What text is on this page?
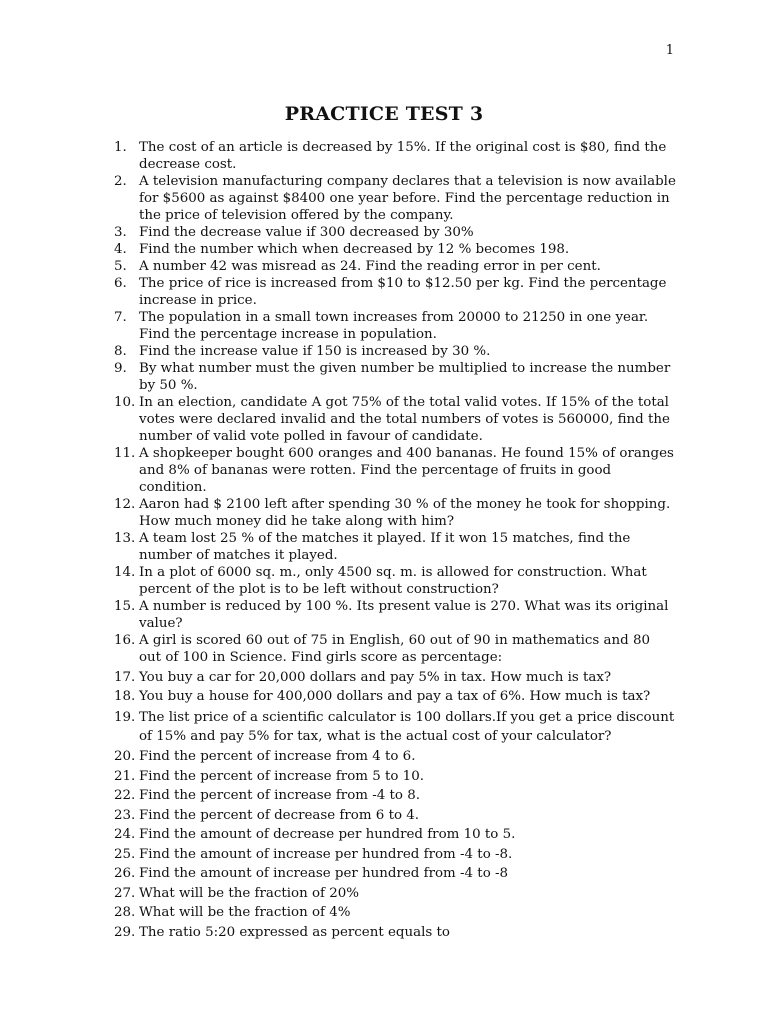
1
PRACTICE TEST 3
1. The cost of an article is decreased by 15%. If the original cost is $80, find the decrease cost.
2. A television manufacturing company declares that a television is now available for $5600 as against $8400 one year before. Find the percentage reduction in the price of television offered by the company.
3. Find the decrease value if 300 decreased by 30%
4. Find the number which when decreased by 12 % becomes 198.
5. A number 42 was misread as 24. Find the reading error in per cent.
6. The price of rice is increased from $10 to $12.50 per kg. Find the percentage increase in price.
7. The population in a small town increases from 20000 to 21250 in one year. Find the percentage increase in population.
8. Find the increase value if 150 is increased by 30 %.
9. By what number must the given number be multiplied to increase the number by 50 %.
10. In an election, candidate A got 75% of the total valid votes. If 15% of the total votes were declared invalid and the total numbers of votes is 560000, find the number of valid vote polled in favour of candidate.
11. A shopkeeper bought 600 oranges and 400 bananas. He found 15% of oranges and 8% of bananas were rotten. Find the percentage of fruits in good condition.
12. Aaron had $ 2100 left after spending 30 % of the money he took for shopping. How much money did he take along with him?
13. A team lost 25 % of the matches it played. If it won 15 matches, find the number of matches it played.
14. In a plot of 6000 sq. m., only 4500 sq. m. is allowed for construction. What percent of the plot is to be left without construction?
15. A number is reduced by 100 %. Its present value is 270. What was its original value?
16. A girl is scored 60 out of 75 in English, 60 out of 90 in mathematics and 80 out of 100 in Science. Find girls score as percentage:
17. You buy a car for 20,000 dollars and pay 5% in tax. How much is tax?
18. You buy a house for 400,000 dollars and pay a tax of 6%. How much is tax?
19. The list price of a scientific calculator is 100 dollars.If you get a price discount of 15% and pay 5% for tax, what is the actual cost of your calculator?
20. Find the percent of increase from 4 to 6.
21. Find the percent of increase from 5 to 10.
22. Find the percent of increase from -4 to 8.
23. Find the percent of decrease from 6 to 4.
24. Find the amount of decrease per hundred from 10 to 5.
25. Find the amount of increase per hundred from -4 to -8.
26. Find the amount of increase per hundred from -4 to -8
27. What will be the fraction of 20%
28. What will be the fraction of 4%
29. The ratio 5:20 expressed as percent equals to
